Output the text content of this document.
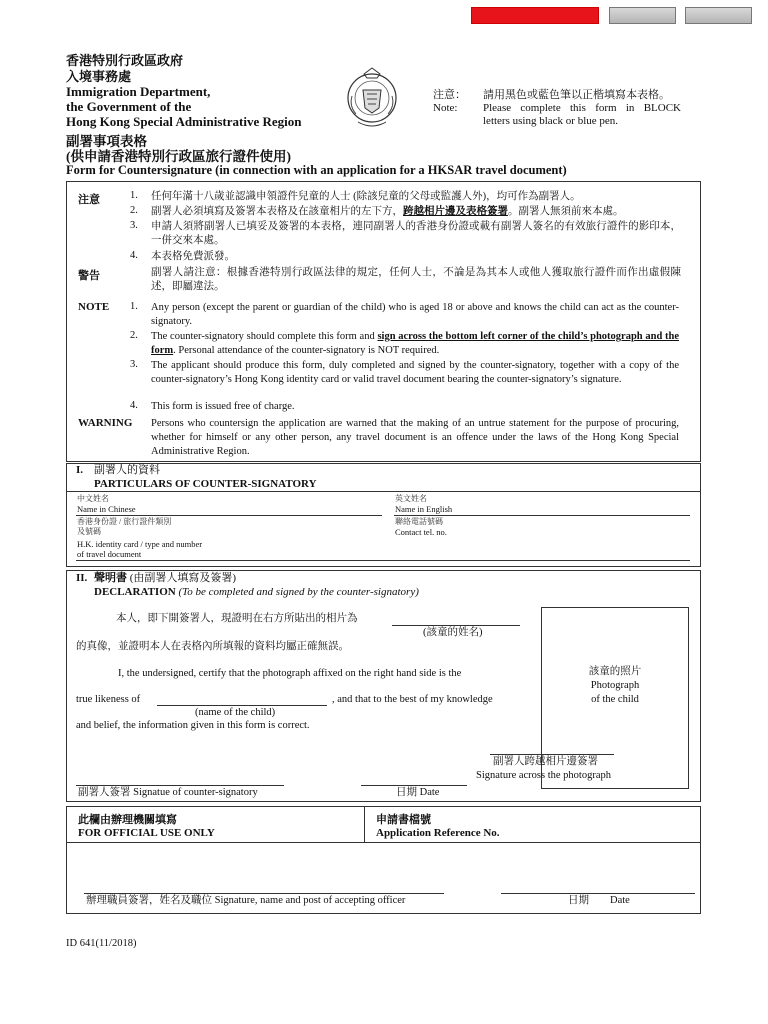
香港特別行政區政府
入境事務處
Immigration Department,
the Government of the
Hong Kong Special Administrative Region
注意： 請用黑色或藍色筆以正楷填寫本表格。
Note: Please complete this form in BLOCK
letters using black or blue pen.
副署事項表格
(供申請香港特別行政區旅行證件使用)
Form for Countersignature (in connection with an application for a HKSAR travel document)
注意	1. 任何年滿十八歲並認識申領證件兒童的人士 (除該兒童的父母或監護人外)，均可作為副署人。
2. 副署人必須填寫及簽署本表格及在該童相片的左下方，跨越相片邊及表格簽署。副署人無須前來本處。
3. 申請人須將副署人已填妥及簽署的本表格，連同副署人的香港身份證或載有副署人簽名的有效旅行證件的影印本，一併交來本處。
4. 本表格免費派發。
警告	副署人請注意：根據香港特別行政區法律的規定，任何人士，不論是為其本人或他人獲取旅行證件而作出虛假陳述，即屬違法。
NOTE 1. Any person (except the parent or guardian of the child) who is aged 18 or above and knows the child can act as the counter-signatory.
2. The counter-signatory should complete this form and sign across the bottom left corner of the child’s photograph and the form. Personal attendance of the counter-signatory is NOT required.
3. The applicant should produce this form, duly completed and signed by the counter-signatory, together with a copy of the counter-signatory’s Hong Kong identity card or valid travel document bearing the counter-signatory’s signature.
4. This form is issued free of charge.
WARNING Persons who countersign the application are warned that the making of an untrue statement for the purpose of procuring, whether for himself or any other person, any travel document is an offence under the laws of the Hong Kong Special Administrative Region.
I. 副署人的資料
PARTICULARS OF COUNTER-SIGNATORY
中文姓名
Name in Chinese
英文姓名
Name in English
香港身份證 / 旅行證件類別
及號碼
H.K. identity card / type and number
of travel document
聯絡電話號碼
Contact tel. no.
II. 聲明書 (由副署人填寫及簽署)
DECLARATION (To be completed and signed by the counter-signatory)
本人，即下開簽署人，現證明在右方所貼出的相片為
(該童的姓名)
的真像，並證明本人在表格內所填報的資料均屬正確無誤。
I, the undersigned, certify that the photograph affixed on the right hand side is the
true likeness of	, and that to the best of my knowledge
(name of the child)
and belief, the information given in this form is correct.
該童的照片
Photograph
of the child
副署人跨越相片邊簽署
Signature across the photograph
副署人簽署 Signatue of counter-signatory	日期 Date
此欄由辦理機關填寫
FOR OFFICIAL USE ONLY
申請書檔號
Application Reference No.
辦理職員簽署，姓名及職位 Signature, name and post of accepting officer	日期 Date
ID 641(11/2018)
